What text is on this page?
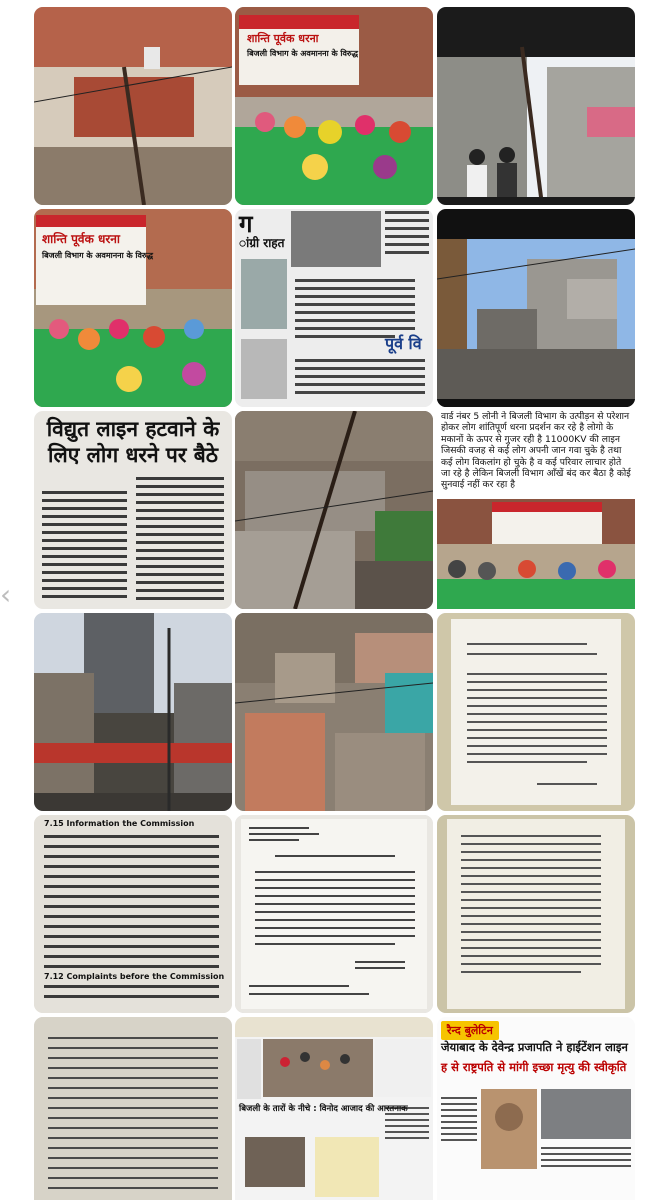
शान्ति पूर्वक धरना
बिजली विभाग के अवमानना के विरुद्ध
शान्ति पूर्वक धरना
बिजली विभाग के अवमानना के विरुद्ध
ग
ांग्री राहत
पूर्व वि
विद्युत लाइन हटवाने के
लिए लोग धरने पर बैठे
वार्ड नंबर 5 लोनी ने बिजली विभाग के उत्पीड़न से परेशान होकर लोग शांतिपूर्ण धरना प्रदर्शन कर रहे है लोगो के मकानों के ऊपर से गुजर रही है 11000KV की लाइन जिसकी वजह से कई लोग अपनी जान गवा चुके है तथा कई लोग विकलांग हो चुके है व कई परिवार लाचार होते जा रहे है लेकिन बिजली विभाग आँखें बंद कर बैठा है कोई सुनवाई नहीं कर रहा है
7.15 Information the Commission
7.12 Complaints before the Commission
बिजली के तारों के नीचे : विनोद आजाद की आरतनाक
रैन्द बुलेटिन
जेयाबाद के देवेन्द्र प्रजापति ने हाईटेंशन लाइन
ह से राष्ट्रपति से मांगी इच्छा मृत्यु की स्वीकृति
‹
